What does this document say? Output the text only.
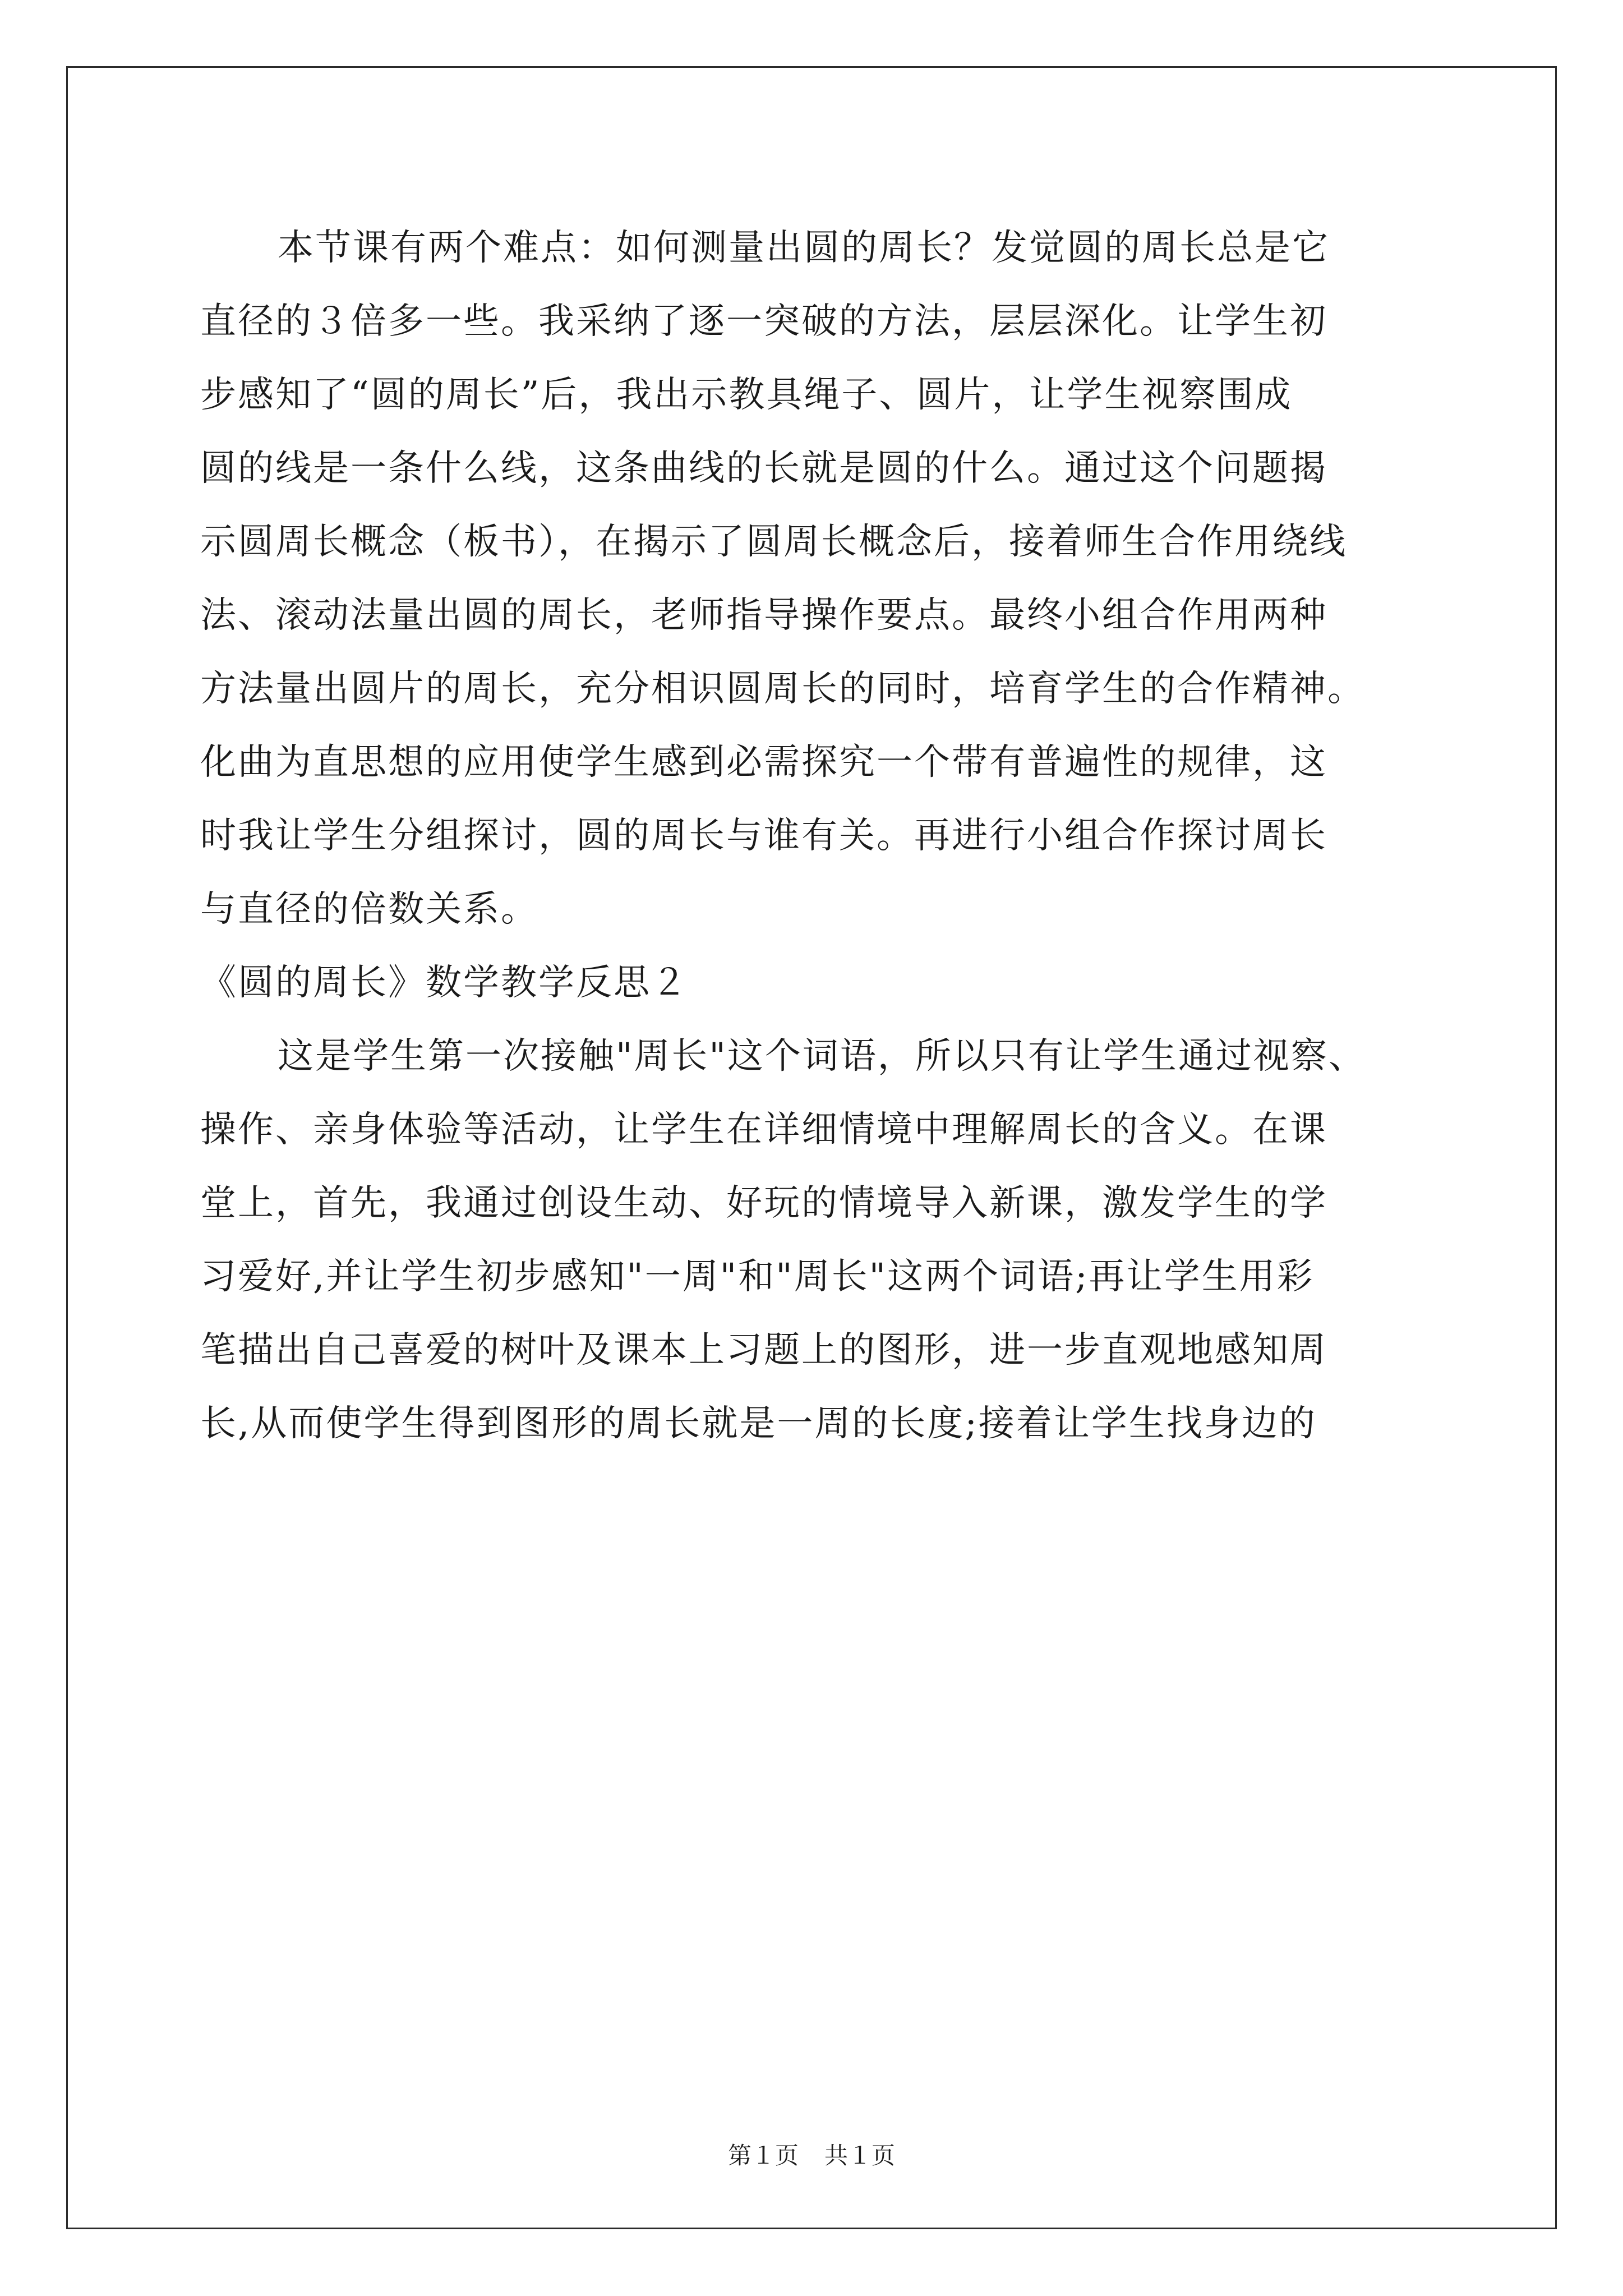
本节课有两个难点：如何测量出圆的周长？发觉圆的周长总是它
直径的３倍多一些。我采纳了逐一突破的方法，层层深化。让学生初
步感知了“圆的周长”后，我出示教具绳子、圆片，让学生视察围成
圆的线是一条什么线，这条曲线的长就是圆的什么。通过这个问题揭
示圆周长概念（板书），在揭示了圆周长概念后，接着师生合作用绕线
法、滚动法量出圆的周长，老师指导操作要点。最终小组合作用两种
方法量出圆片的周长，充分相识圆周长的同时，培育学生的合作精神。
化曲为直思想的应用使学生感到必需探究一个带有普遍性的规律，这
时我让学生分组探讨，圆的周长与谁有关。再进行小组合作探讨周长
与直径的倍数关系。
《圆的周长》数学教学反思２
这是学生第一次接触"周长"这个词语，所以只有让学生通过视察、
操作、亲身体验等活动，让学生在详细情境中理解周长的含义。在课
堂上，首先，我通过创设生动、好玩的情境导入新课，激发学生的学
习爱好,并让学生初步感知"一周"和"周长"这两个词语;再让学生用彩
笔描出自己喜爱的树叶及课本上习题上的图形，进一步直观地感知周
长,从而使学生得到图形的周长就是一周的长度;接着让学生找身边的
第１页 共１页
